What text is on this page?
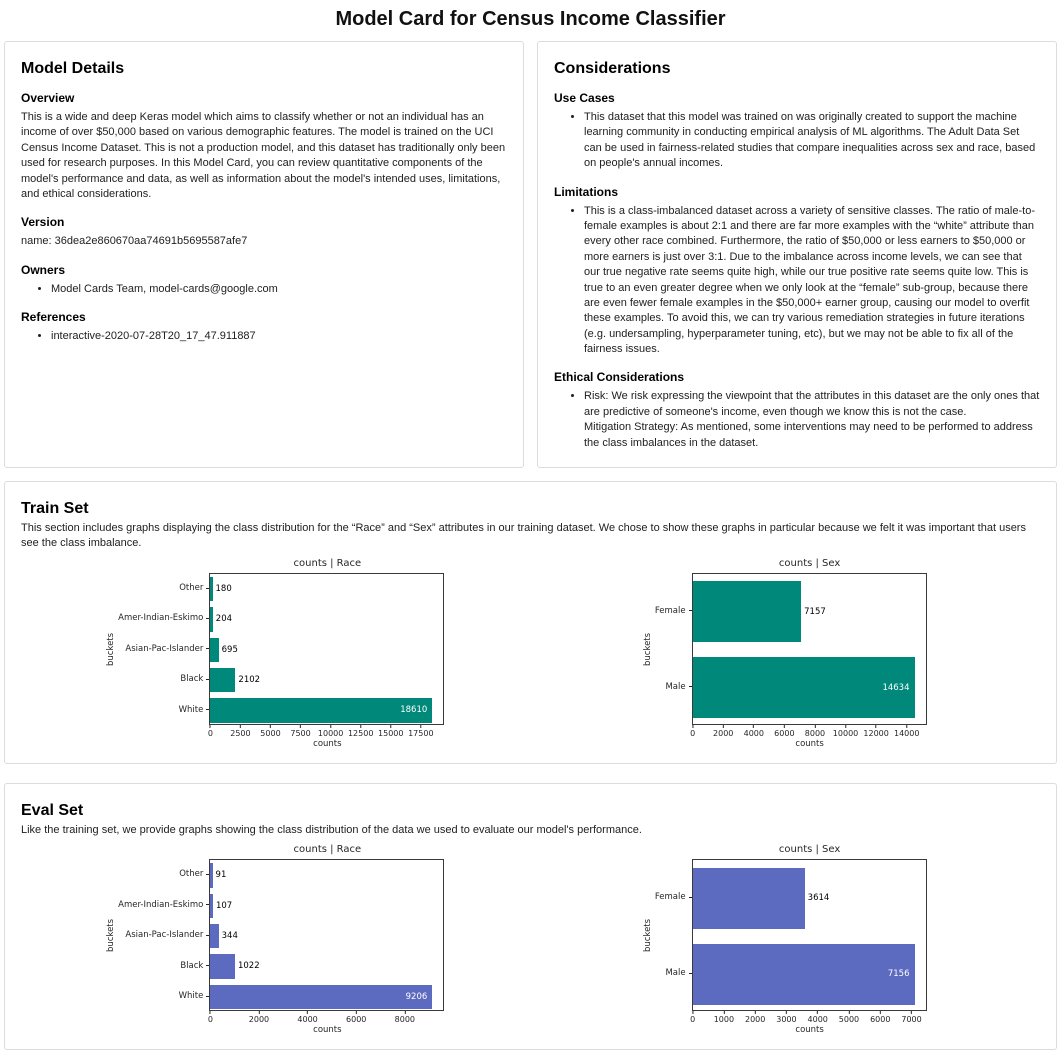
Model Card for Census Income Classifier
Model Details
Overview

This is a wide and deep Keras model which aims to classify whether or not an individual has an income of over $50,000 based on various demographic features. The model is trained on the UCI Census Income Dataset. This is not a production model, and this dataset has traditionally only been used for research purposes. In this Model Card, you can review quantitative components of the model's performance and data, as well as information about the model's intended uses, limitations, and ethical considerations.

Version

name: 36dea2e860670aa74691b5695587afe7

Owners
• Model Cards Team, model-cards@google.com
References
• interactive-2020-07-28T20_17_47.911887
Considerations
Use Cases
• This dataset that this model was trained on was originally created to support the machine learning community in conducting empirical analysis of ML algorithms. The Adult Data Set can be used in fairness-related studies that compare inequalities across sex and race, based on people's annual incomes.
Limitations
• This is a class-imbalanced dataset across a variety of sensitive classes. The ratio of male-to-female examples is about 2:1 and there are far more examples with the “white” attribute than every other race combined. Furthermore, the ratio of $50,000 or less earners to $50,000 or more earners is just over 3:1. Due to the imbalance across income levels, we can see that our true negative rate seems quite high, while our true positive rate seems quite low. This is true to an even greater degree when we only look at the “female” sub-group, because there are even fewer female examples in the $50,000+ earner group, causing our model to overfit these examples. To avoid this, we can try various remediation strategies in future iterations (e.g. undersampling, hyperparameter tuning, etc), but we may not be able to fix all of the fairness issues.
Ethical Considerations
• Risk: We risk expressing the viewpoint that the attributes in this dataset are the only ones that are predictive of someone's income, even though we know this is not the case.
Mitigation Strategy: As mentioned, some interventions may need to be performed to address the class imbalances in the dataset.
Train Set

This section includes graphs displaying the class distribution for the “Race” and “Sex” attributes in our training dataset. We chose to show these graphs in particular because we felt it was important that users see the class imbalance.

buckets
Other
Amer-Indian-Eskimo
Asian-Pac-Islander
Black
White
counts | Race
180
204
695
2102
18610
0 2500 5000 7500 10000 12500 15000 17500
counts
buckets
Female
Male
counts | Sex
7157
14634
0 2000 4000 6000 8000 10000 12000 14000
counts
Eval Set

Like the training set, we provide graphs showing the class distribution of the data we used to evaluate our model's performance.

buckets
Other
Amer-Indian-Eskimo
Asian-Pac-Islander
Black
White
counts | Race
91
107
344
1022
9206
0	2000	4000	6000	8000
counts
buckets
Female
Male
counts | Sex
3614
7156
0 1000 2000 3000 4000 5000 6000 7000
counts
